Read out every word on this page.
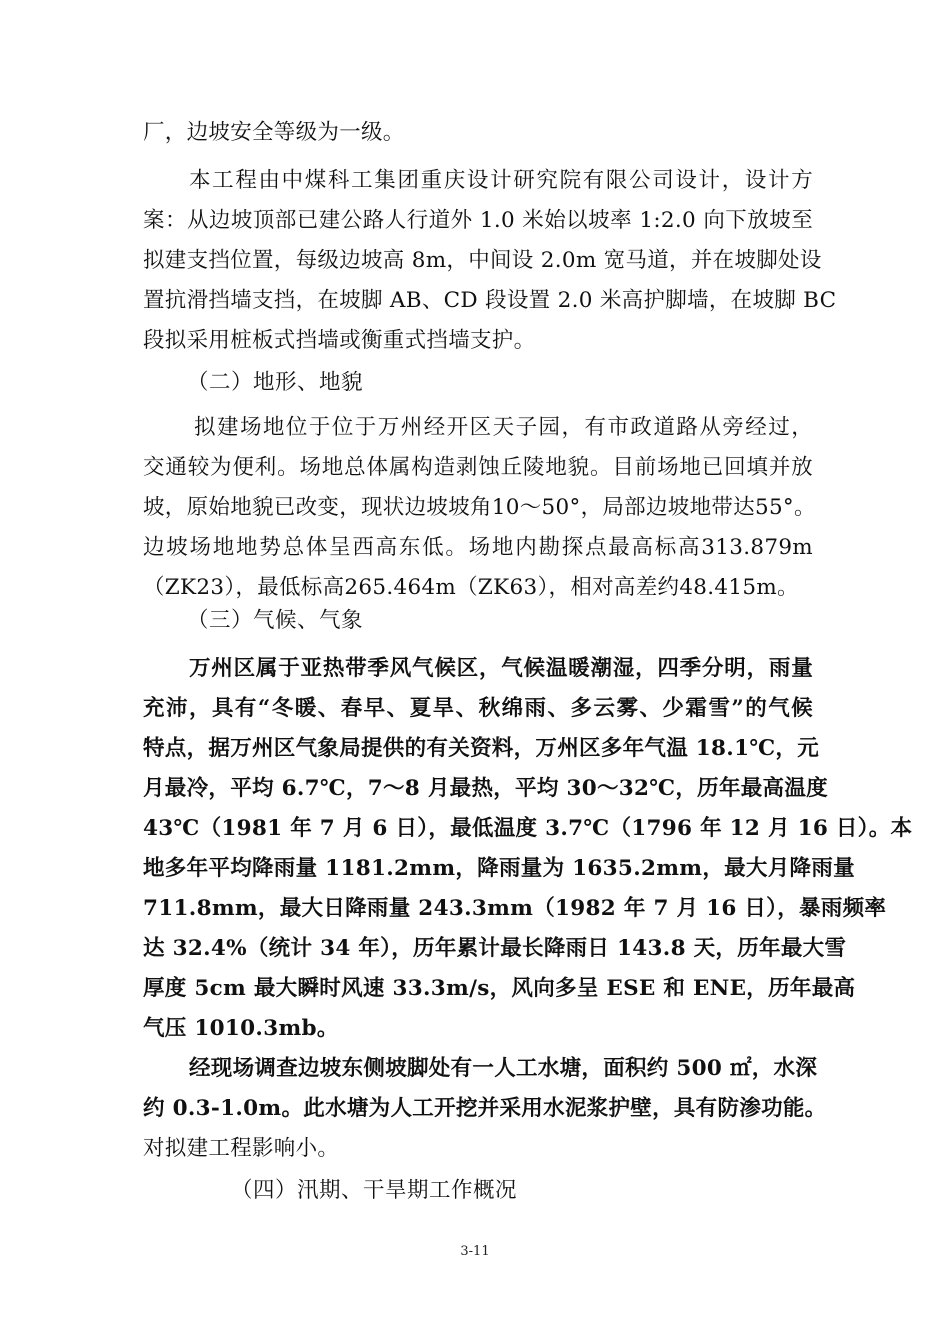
厂，边坡安全等级为一级。
本工程由中煤科工集团重庆设计研究院有限公司设计，设计方
案：从边坡顶部已建公路人行道外 1.0 米始以坡率 1:2.0 向下放坡至
拟建支挡位置，每级边坡高 8m，中间设 2.0m 宽马道，并在坡脚处设
置抗滑挡墙支挡，在坡脚 AB、CD 段设置 2.0 米高护脚墙，在坡脚 BC
段拟采用桩板式挡墙或衡重式挡墙支护。
（二）地形、地貌
拟建场地位于位于万州经开区天子园，有市政道路从旁经过，
交通较为便利。场地总体属构造剥蚀丘陵地貌。目前场地已回填并放
坡，原始地貌已改变，现状边坡坡角10～50°，局部边坡地带达55°。
边坡场地地势总体呈西高东低。场地内勘探点最高标高313.879m
（ZK23），最低标高265.464m（ZK63），相对高差约48.415m。
（三）气候、气象
万州区属于亚热带季风气候区，气候温暖潮湿，四季分明，雨量
充沛，具有“冬暖、春早、夏旱、秋绵雨、多云雾、少霜雪”的气候
特点，据万州区气象局提供的有关资料，万州区多年气温 18.1℃，元
月最冷，平均 6.7℃，7～8 月最热，平均 30～32℃，历年最高温度
43℃（1981 年 7 月 6 日），最低温度 3.7℃（1796 年 12 月 16 日）。本
地多年平均降雨量 1181.2mm，降雨量为 1635.2mm，最大月降雨量
711.8mm，最大日降雨量 243.3mm（1982 年 7 月 16 日），暴雨频率
达 32.4%（统计 34 年），历年累计最长降雨日 143.8 天，历年最大雪
厚度 5cm 最大瞬时风速 33.3m/s，风向多呈 ESE 和 ENE，历年最高
气压 1010.3mb。
经现场调查边坡东侧坡脚处有一人工水塘，面积约 500 ㎡，水深
约 0.3-1.0m。此水塘为人工开挖并采用水泥浆护壁，具有防渗功能。
对拟建工程影响小。
（四）汛期、干旱期工作概况
3-11
